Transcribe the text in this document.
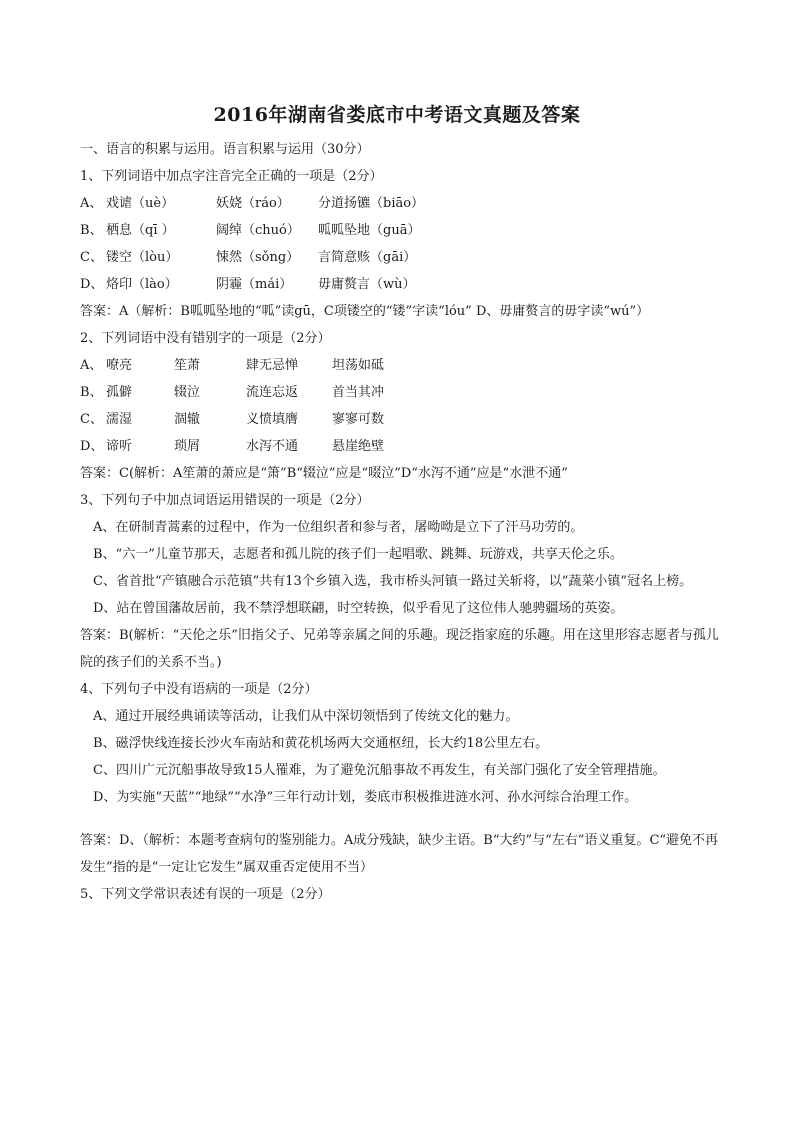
2016年湖南省娄底市中考语文真题及答案
一、语言的积累与运用。语言积累与运用（30分）
1、下列词语中加点字注音完全正确的一项是（2分）
A、 戏谑（uè）	妖娆（ráo）	分道扬镳（biāo）
B、 栖息（qī ）	阔绰（chuó）	呱呱坠地（guā）
C、 镂空（lòu）	悚然（sǒng）	言简意赅（gāi）
D、 烙印（lào）	阴霾（mái）	毋庸赘言（wù）
答案：A（解析：B呱呱坠地的“呱”读gū，C项镂空的“镂”字读“lóu” D、毋庸赘言的毋字读“wú”）
2、下列词语中没有错别字的一项是（2分）
A、 嘹亮	笙萧	肆无忌惮	坦荡如砥
B、 孤僻	辍泣	流连忘返	首当其冲
C、 濡湿	涸辙	义愤填膺	寥寥可数
D、 谛听	琐屑	水泻不通	悬崖绝壁
答案：C(解析：A笙萧的萧应是“箫”B“辍泣”应是“啜泣”D“水泻不通”应是“水泄不通”
3、下列句子中加点词语运用错误的一项是（2分）
A、在研制青蒿素的过程中，作为一位组织者和参与者，屠呦呦是立下了汗马功劳的。
B、“六一”儿童节那天，志愿者和孤儿院的孩子们一起唱歌、跳舞、玩游戏，共享天伦之乐。
C、省首批“产镇融合示范镇”共有13个乡镇入选，我市桥头河镇一路过关斩将，以“蔬菜小镇”冠名上榜。
D、站在曾国藩故居前，我不禁浮想联翩，时空转换，似乎看见了这位伟人驰骋疆场的英姿。
答案：B(解析：“天伦之乐”旧指父子、兄弟等亲属之间的乐趣。现泛指家庭的乐趣。用在这里形容志愿者与孤儿院的孩子们的关系不当。)
4、下列句子中没有语病的一项是（2分）
A、通过开展经典诵读等活动，让我们从中深切领悟到了传统文化的魅力。
B、磁浮快线连接长沙火车南站和黄花机场两大交通枢纽，长大约18公里左右。
C、四川广元沉船事故导致15人罹难，为了避免沉船事故不再发生，有关部门强化了安全管理措施。
D、为实施“天蓝”“地绿”“水净”三年行动计划，娄底市积极推进涟水河、孙水河综合治理工作。
答案：D、（解析：本题考查病句的鉴别能力。A成分残缺，缺少主语。B“大约”与“左右”语义重复。C“避免不再发生”指的是“一定让它发生”属双重否定使用不当）
5、下列文学常识表述有误的一项是（2分）
